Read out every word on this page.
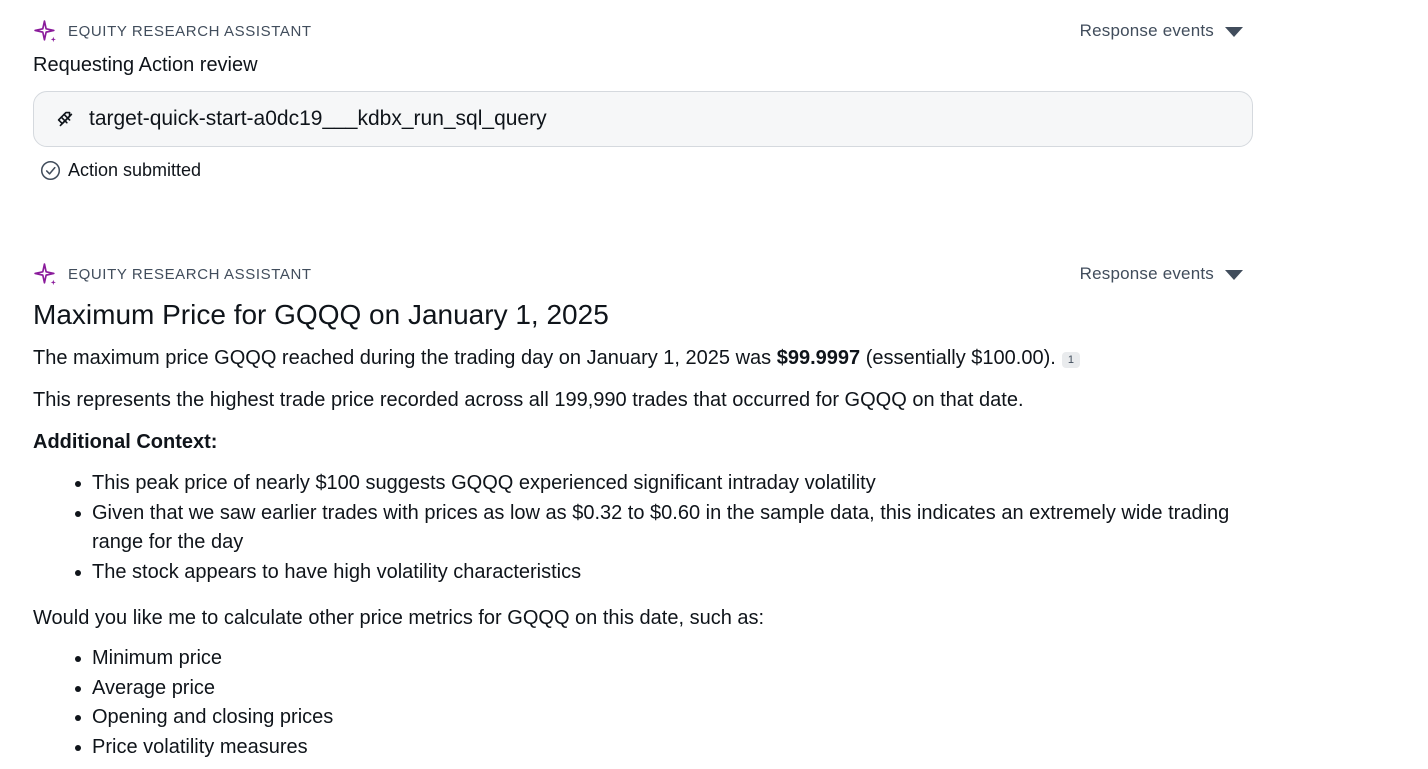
EQUITY RESEARCH ASSISTANT	Response events
Requesting Action review
target-quick-start-a0dc19___kdbx_run_sql_query
Action submitted
EQUITY RESEARCH ASSISTANT	Response events
Maximum Price for GQQQ on January 1, 2025

The maximum price GQQQ reached during the trading day on January 1, 2025 was $99.9997 (essentially $100.00). 1

This represents the highest trade price recorded across all 199,990 trades that occurred for GQQQ on that date.

Additional Context:

This peak price of nearly $100 suggests GQQQ experienced significant intraday volatility
Given that we saw earlier trades with prices as low as $0.32 to $0.60 in the sample data, this indicates an extremely wide trading range for the day
The stock appears to have high volatility characteristics

Would you like me to calculate other price metrics for GQQQ on this date, such as:

Minimum price
Average price
Opening and closing prices
Price volatility measures
